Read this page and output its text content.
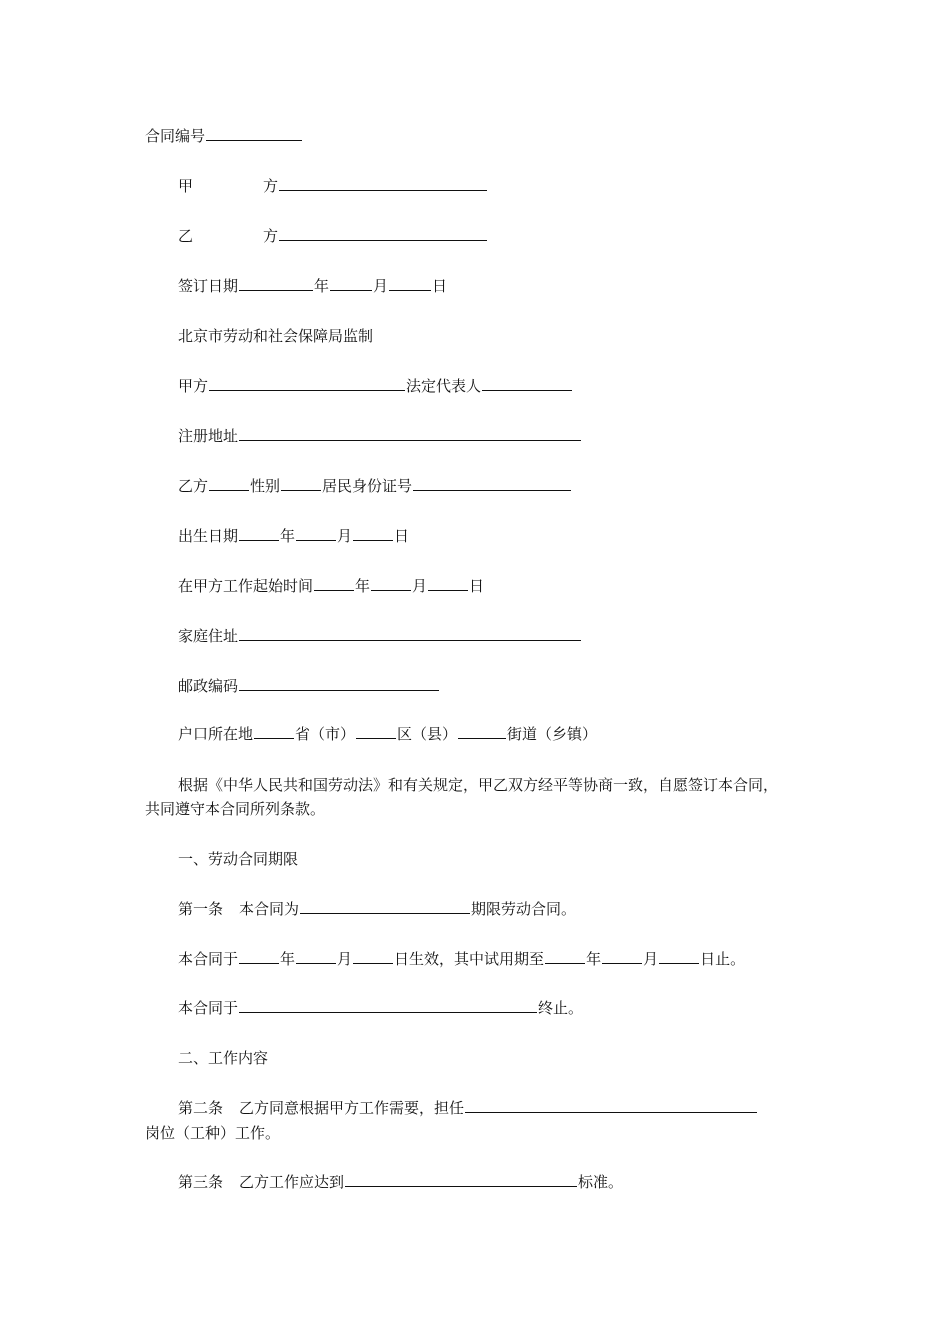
合同编号
甲	方
乙	方
签订日期	年	月	日
北京市劳动和社会保障局监制
甲方	法定代表人
注册地址
乙方	性别	居民身份证号
出生日期	年	月	日
在甲方工作起始时间	年	月	日
家庭住址
邮政编码
户口所在地	省（市）	区（县）	街道（乡镇）
根据《中华人民共和国劳动法》和有关规定，甲乙双方经平等协商一致，自愿签订本合同，
共同遵守本合同所列条款。
一、劳动合同期限
第一条 本合同为	期限劳动合同。
本合同于	年	月	日生效，其中试用期至	年	月	日止。
本合同于	终止。
二、工作内容
第二条 乙方同意根据甲方工作需要，担任
岗位（工种）工作。
第三条 乙方工作应达到	标准。
